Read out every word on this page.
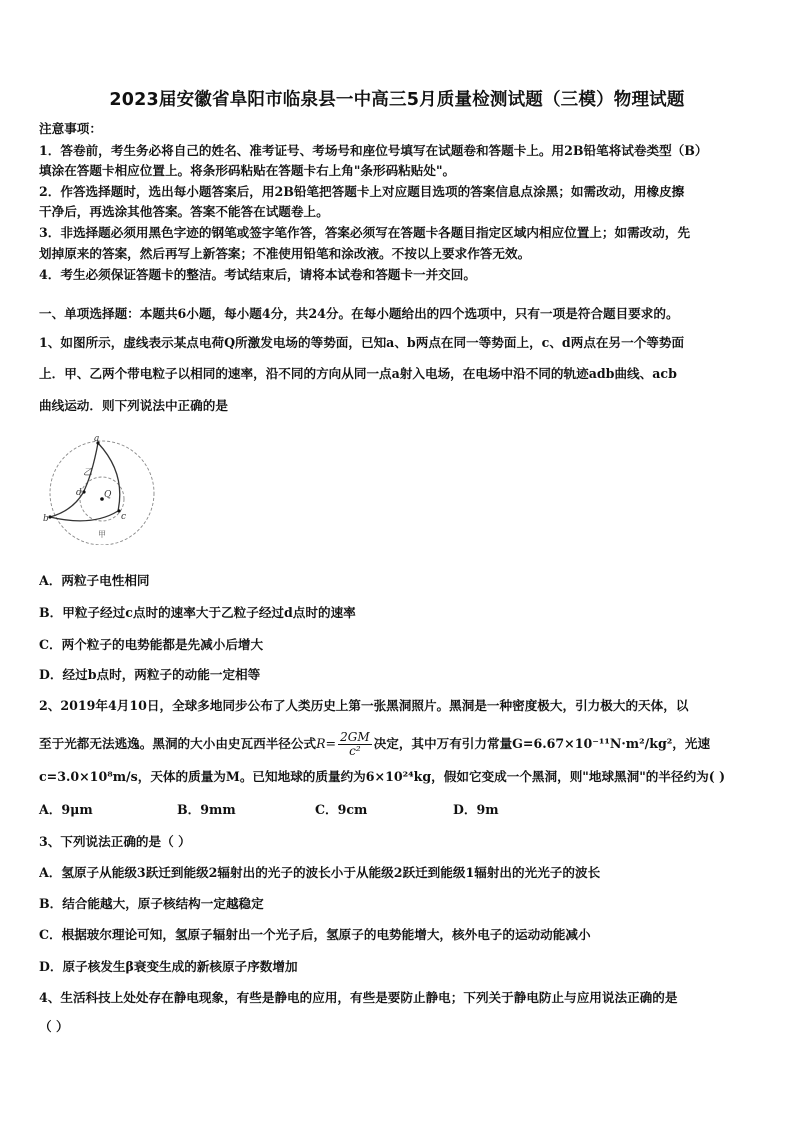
2023届安徽省阜阳市临泉县一中高三5月质量检测试题（三模）物理试题
注意事项：
1．答卷前，考生务必将自己的姓名、准考证号、考场号和座位号填写在试题卷和答题卡上。用2B铅笔将试卷类型（B）
填涂在答题卡相应位置上。将条形码粘贴在答题卡右上角"条形码粘贴处"。
2．作答选择题时，选出每小题答案后，用2B铅笔把答题卡上对应题目选项的答案信息点涂黑；如需改动，用橡皮擦
干净后，再选涂其他答案。答案不能答在试题卷上。
3．非选择题必须用黑色字迹的钢笔或签字笔作答，答案必须写在答题卡各题目指定区域内相应位置上；如需改动，先
划掉原来的答案，然后再写上新答案；不准使用铅笔和涂改液。不按以上要求作答无效。
4．考生必须保证答题卡的整洁。考试结束后，请将本试卷和答题卡一并交回。
一、单项选择题：本题共6小题，每小题4分，共24分。在每小题给出的四个选项中，只有一项是符合题目要求的。
1、如图所示，虚线表示某点电荷Q所激发电场的等势面，已知a、b两点在同一等势面上，c、d两点在另一个等势面
上．甲、乙两个带电粒子以相同的速率，沿不同的方向从同一点a射入电场，在电场中沿不同的轨迹adb曲线、acb
曲线运动．则下列说法中正确的是
a
b	c
d Q
乙
甲
A．两粒子电性相同
B．甲粒子经过c点时的速率大于乙粒子经过d点时的速率
C．两个粒子的电势能都是先减小后增大
D．经过b点时，两粒子的动能一定相等
2、2019年4月10日，全球多地同步公布了人类历史上第一张黑洞照片。黑洞是一种密度极大，引力极大的天体，以
至于光都无法逃逸。黑洞的大小由史瓦西半径公式$R= \frac{2GM}{\text{c²}}$ 决定，其中万有引力常量G=6.67×10⁻¹¹N·m²/kg²，光速
c=3.0×10⁸m/s，天体的质量为M。已知地球的质量约为6×10²⁴kg，假如它变成一个黑洞，则"地球黑洞"的半径约为( )
A．9μm	B．9mm	C．9cm	D．9m
3、下列说法正确的是（ ）
A．氢原子从能级3跃迁到能级2辐射出的光子的波长小于从能级2跃迁到能级1辐射出的光光子的波长
B．结合能越大，原子核结构一定越稳定
C．根据玻尔理论可知，氢原子辐射出一个光子后，氢原子的电势能增大，核外电子的运动动能减小
D．原子核发生β衰变生成的新核原子序数增加
4、生活科技上处处存在静电现象，有些是静电的应用，有些是要防止静电；下列关于静电防止与应用说法正确的是
（ ）
